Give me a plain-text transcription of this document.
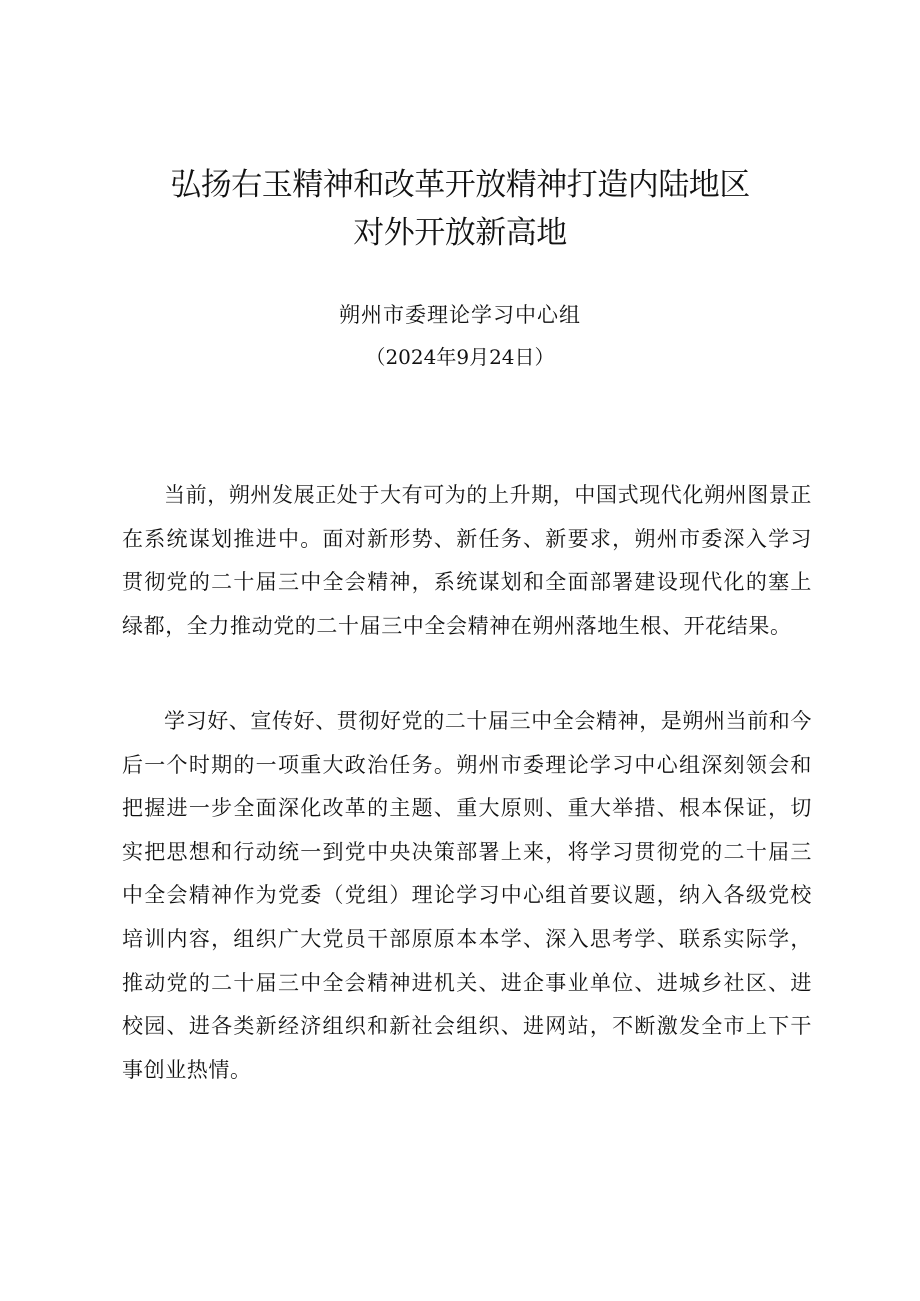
弘扬右玉精神和改革开放精神打造内陆地区
对外开放新高地
朔州市委理论学习中心组
（2024年9月24日）

当前，朔州发展正处于大有可为的上升期，中国式现代化朔州图景正在系统谋划推进中。面对新形势、新任务、新要求，朔州市委深入学习贯彻党的二十届三中全会精神，系统谋划和全面部署建设现代化的塞上绿都，全力推动党的二十届三中全会精神在朔州落地生根、开花结果。

学习好、宣传好、贯彻好党的二十届三中全会精神，是朔州当前和今后一个时期的一项重大政治任务。朔州市委理论学习中心组深刻领会和把握进一步全面深化改革的主题、重大原则、重大举措、根本保证，切实把思想和行动统一到党中央决策部署上来，将学习贯彻党的二十届三中全会精神作为党委（党组）理论学习中心组首要议题，纳入各级党校培训内容，组织广大党员干部原原本本学、深入思考学、联系实际学，推动党的二十届三中全会精神进机关、进企事业单位、进城乡社区、进校园、进各类新经济组织和新社会组织、进网站，不断激发全市上下干事创业热情。
